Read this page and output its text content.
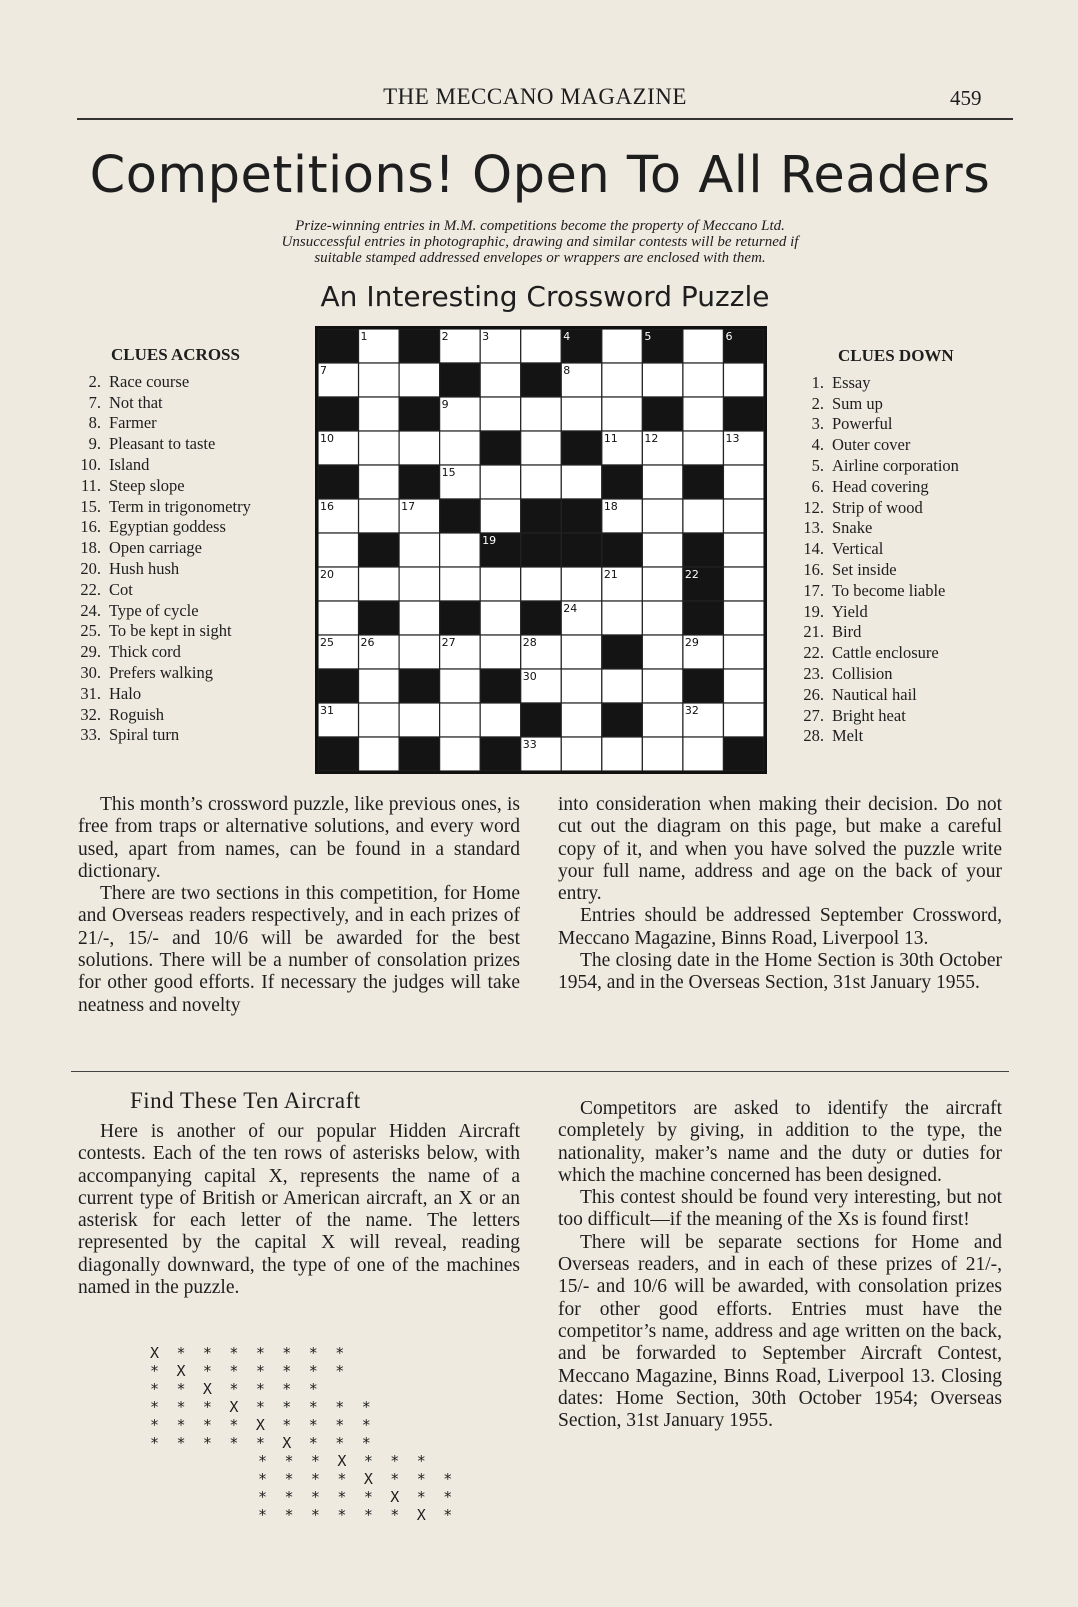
THE MECCANO MAGAZINE	459
Competitions! Open To All Readers
Prize-winning entries in M.M. competitions become the property of Meccano Ltd.
Unsuccessful entries in photographic, drawing and similar contests will be returned if
suitable stamped addressed envelopes or wrappers are enclosed with them.
An Interesting Crossword Puzzle
CLUES ACROSS
2. Race course
7. Not that
8. Farmer
9. Pleasant to taste
10. Island
11. Steep slope
15. Term in trigonometry
16. Egyptian goddess
18. Open carriage
20. Hush hush
22. Cot
24. Type of cycle
25. To be kept in sight
29. Thick cord
30. Prefers walking
31. Halo
32. Roguish
33. Spiral turn
1	2	3	4	5	6
7	8
9
10	11 12	13
15
16	17	18
19
20	21	22
24
25 26	27	28	29
30
31	32
33
CLUES DOWN
1. Essay
2. Sum up
3. Powerful
4. Outer cover
5. Airline corporation
6. Head covering
12. Strip of wood
13. Snake
14. Vertical
16. Set inside
17. To become liable
19. Yield
21. Bird
22. Cattle enclosure
23. Collision
26. Nautical hail
27. Bright heat
28. Melt

This month’s crossword puzzle, like previous ones, is free from traps or alternative solutions, and every word used, apart from names, can be found in a standard dictionary.

There are two sections in this competition, for Home and Overseas readers respectively, and in each prizes of 21/-, 15/- and 10/6 will be awarded for the best solutions. There will be a number of consolation prizes for other good efforts. If necessary the judges will take neatness and novelty

into consideration when making their decision. Do not cut out the diagram on this page, but make a careful copy of it, and when you have solved the puzzle write your full name, address and age on the back of your entry.

Entries should be addressed September Crossword, Meccano Magazine, Binns Road, Liverpool 13.

The closing date in the Home Section is 30th October 1954, and in the Overseas Section, 31st January 1955.

Find These Ten Aircraft

Here is another of our popular Hidden Aircraft contests. Each of the ten rows of asterisks below, with accompanying capital X, represents the name of a current type of British or American aircraft, an X or an asterisk for each letter of the name. The letters represented by the capital X will reveal, reading diagonally downward, the type of one of the machines named in the puzzle.

X * * * * * * *
* X * * * * * *
* * X * * * *
* * * X * * * * *
* * * * X * * * *
* * * * * X * * *
* * * X * * *
* * * * X * * *
* * * * * X * *
* * * * * * X *

Competitors are asked to identify the aircraft completely by giving, in addition to the type, the nationality, maker’s name and the duty or duties for which the machine concerned has been designed.

This contest should be found very interesting, but not too difficult—if the meaning of the Xs is found first!

There will be separate sections for Home and Overseas readers, and in each of these prizes of 21/-, 15/- and 10/6 will be awarded, with consolation prizes for other good efforts. Entries must have the competitor’s name, address and age written on the back, and be forwarded to September Aircraft Contest, Meccano Magazine, Binns Road, Liverpool 13. Closing dates: Home Section, 30th October 1954; Overseas Section, 31st January 1955.
